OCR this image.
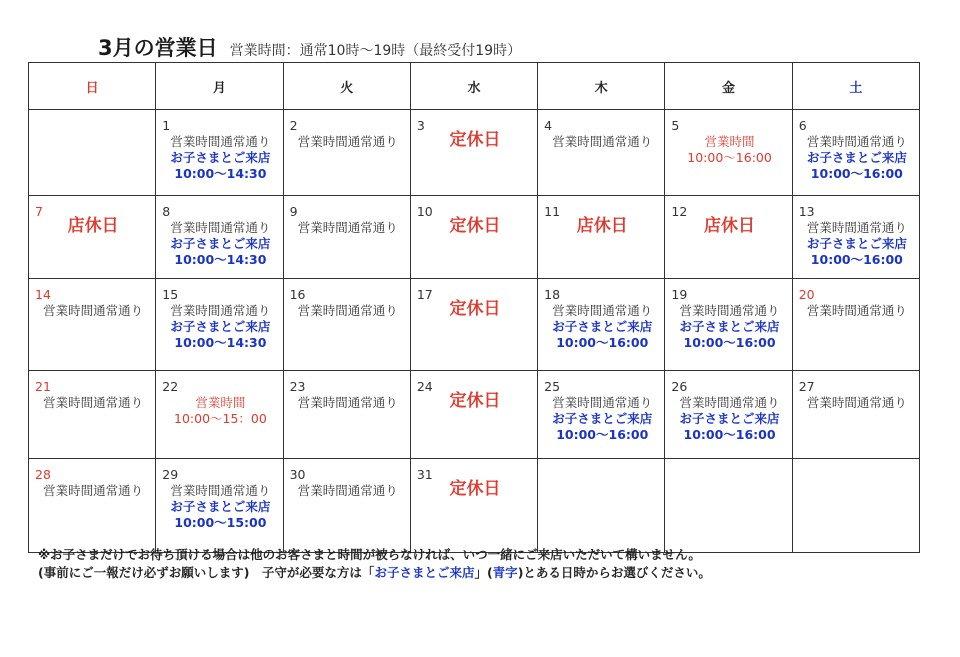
3月の営業日 営業時間：通常10時〜19時（最終受付19時）
日	月	火	水	木	金	土

	1
営業時間通常通り
お子さまとご来店
10:00〜14:30	2
営業時間通常通り	3
定休日	4
営業時間通常通り	5
営業時間
10:00〜16:00	6
営業時間通常通り
お子さまとご来店
10:00〜16:00

7
店休日	8
営業時間通常通り
お子さまとご来店
10:00〜14:30	9
営業時間通常通り	10
定休日	11
店休日	12
店休日	13
営業時間通常通り
お子さまとご来店
10:00〜16:00

14
営業時間通常通り	15
営業時間通常通り
お子さまとご来店
10:00〜14:30	16
営業時間通常通り	17
定休日	18
営業時間通常通り
お子さまとご来店
10:00〜16:00	19
営業時間通常通り
お子さまとご来店
10:00〜16:00	20
営業時間通常通り

21
営業時間通常通り	22
営業時間
10:00〜15：00	23
営業時間通常通り	24
定休日	25
営業時間通常通り
お子さまとご来店
10:00〜16:00	26
営業時間通常通り
お子さまとご来店
10:00〜16:00	27
営業時間通常通り

28
営業時間通常通り	29
営業時間通常通り
お子さまとご来店
10:00〜15:00	30
営業時間通常通り	31
定休日			

※お子さまだけでお待ち頂ける場合は他のお客さまと時間が被らなければ、いつ一緒にご来店いただいて構いません。
(事前にご一報だけ必ずお願いします)　子守が必要な方は「お子さまとご来店」(青字)とある日時からお選びください。
